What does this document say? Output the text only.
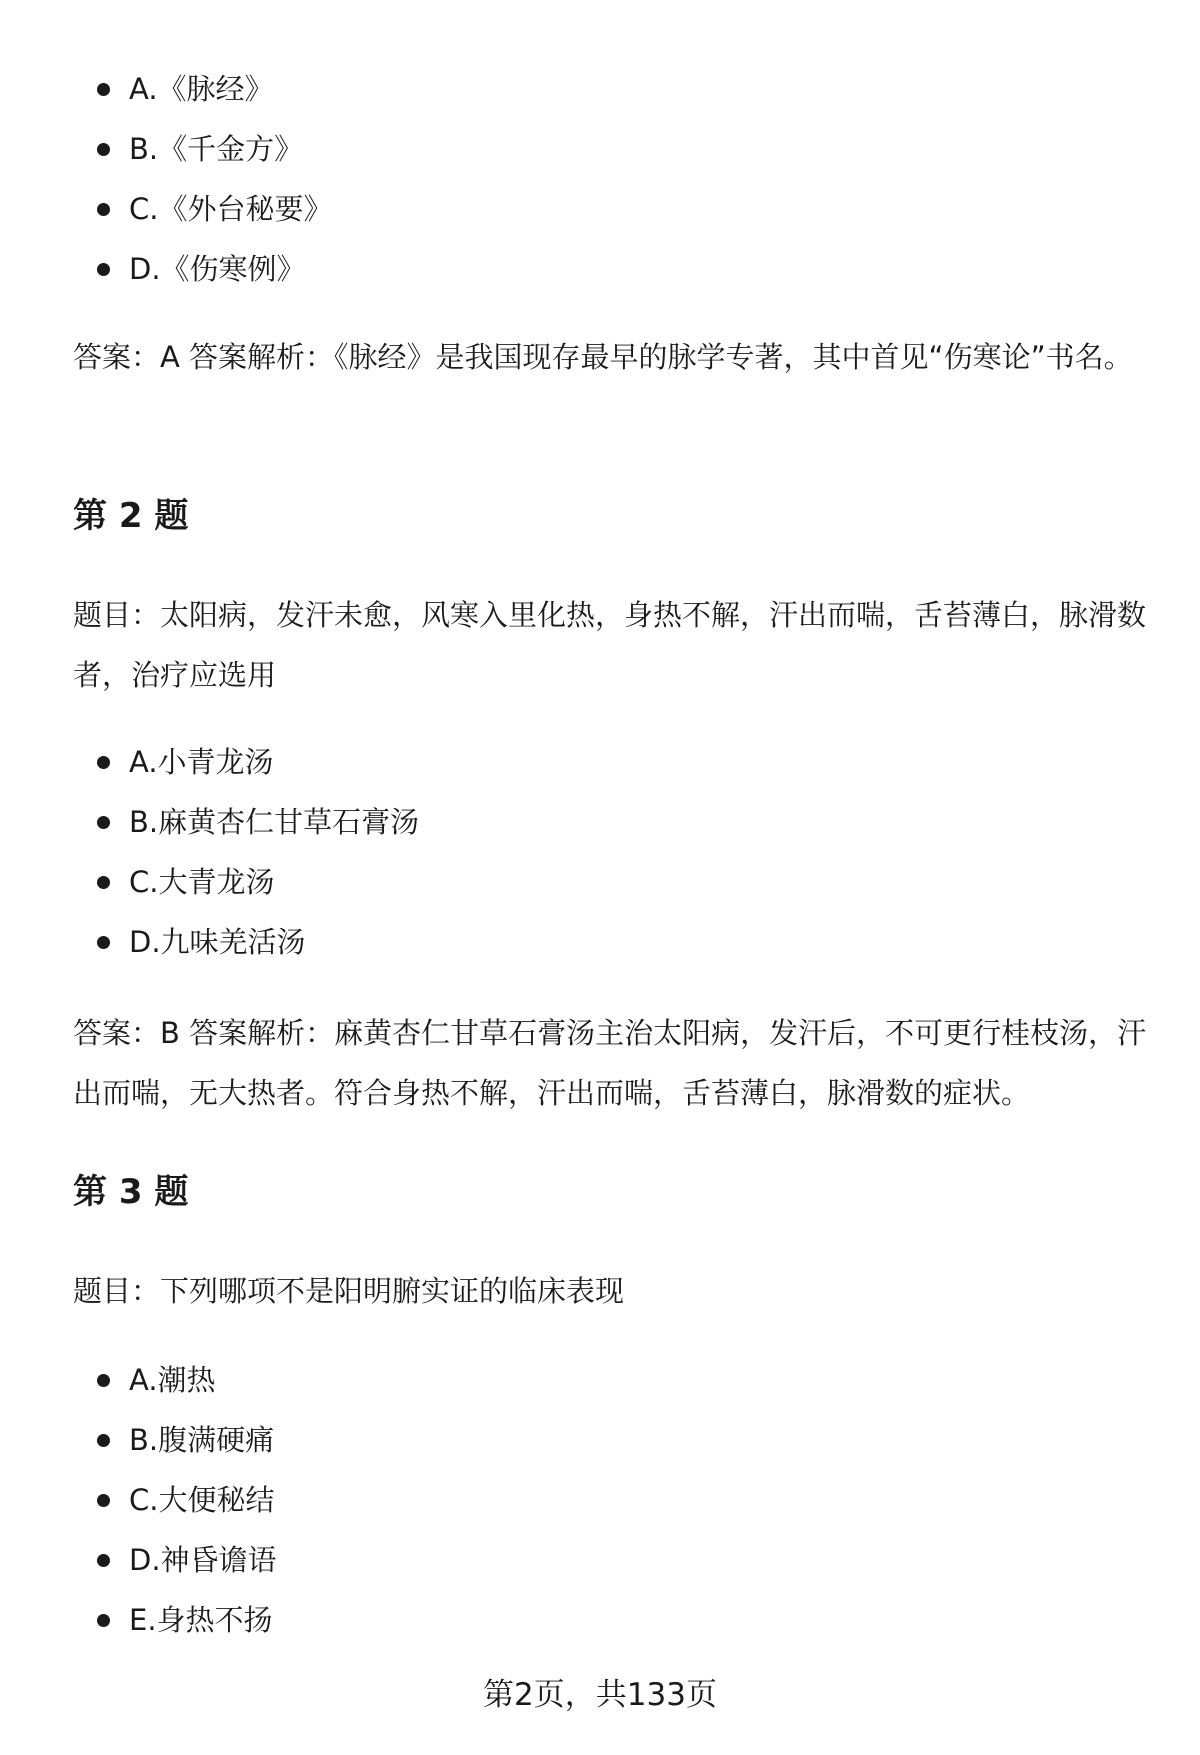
A.《脉经》
B.《千金方》
C.《外台秘要》
D.《伤寒例》

答案：A 答案解析：《脉经》是我国现存最早的脉学专著，其中首见“伤寒论”书名。

第 2 题

题目：太阳病，发汗未愈，风寒入里化热，身热不解，汗出而喘，舌苔薄白，脉滑数者，治疗应选用

A.小青龙汤
B.麻黄杏仁甘草石膏汤
C.大青龙汤
D.九味羌活汤

答案：B 答案解析：麻黄杏仁甘草石膏汤主治太阳病，发汗后，不可更行桂枝汤，汗出而喘，无大热者。符合身热不解，汗出而喘，舌苔薄白，脉滑数的症状。

第 3 题

题目：下列哪项不是阳明腑实证的临床表现

A.潮热
B.腹满硬痛
C.大便秘结
D.神昏谵语
E.身热不扬
第2页，共133页
